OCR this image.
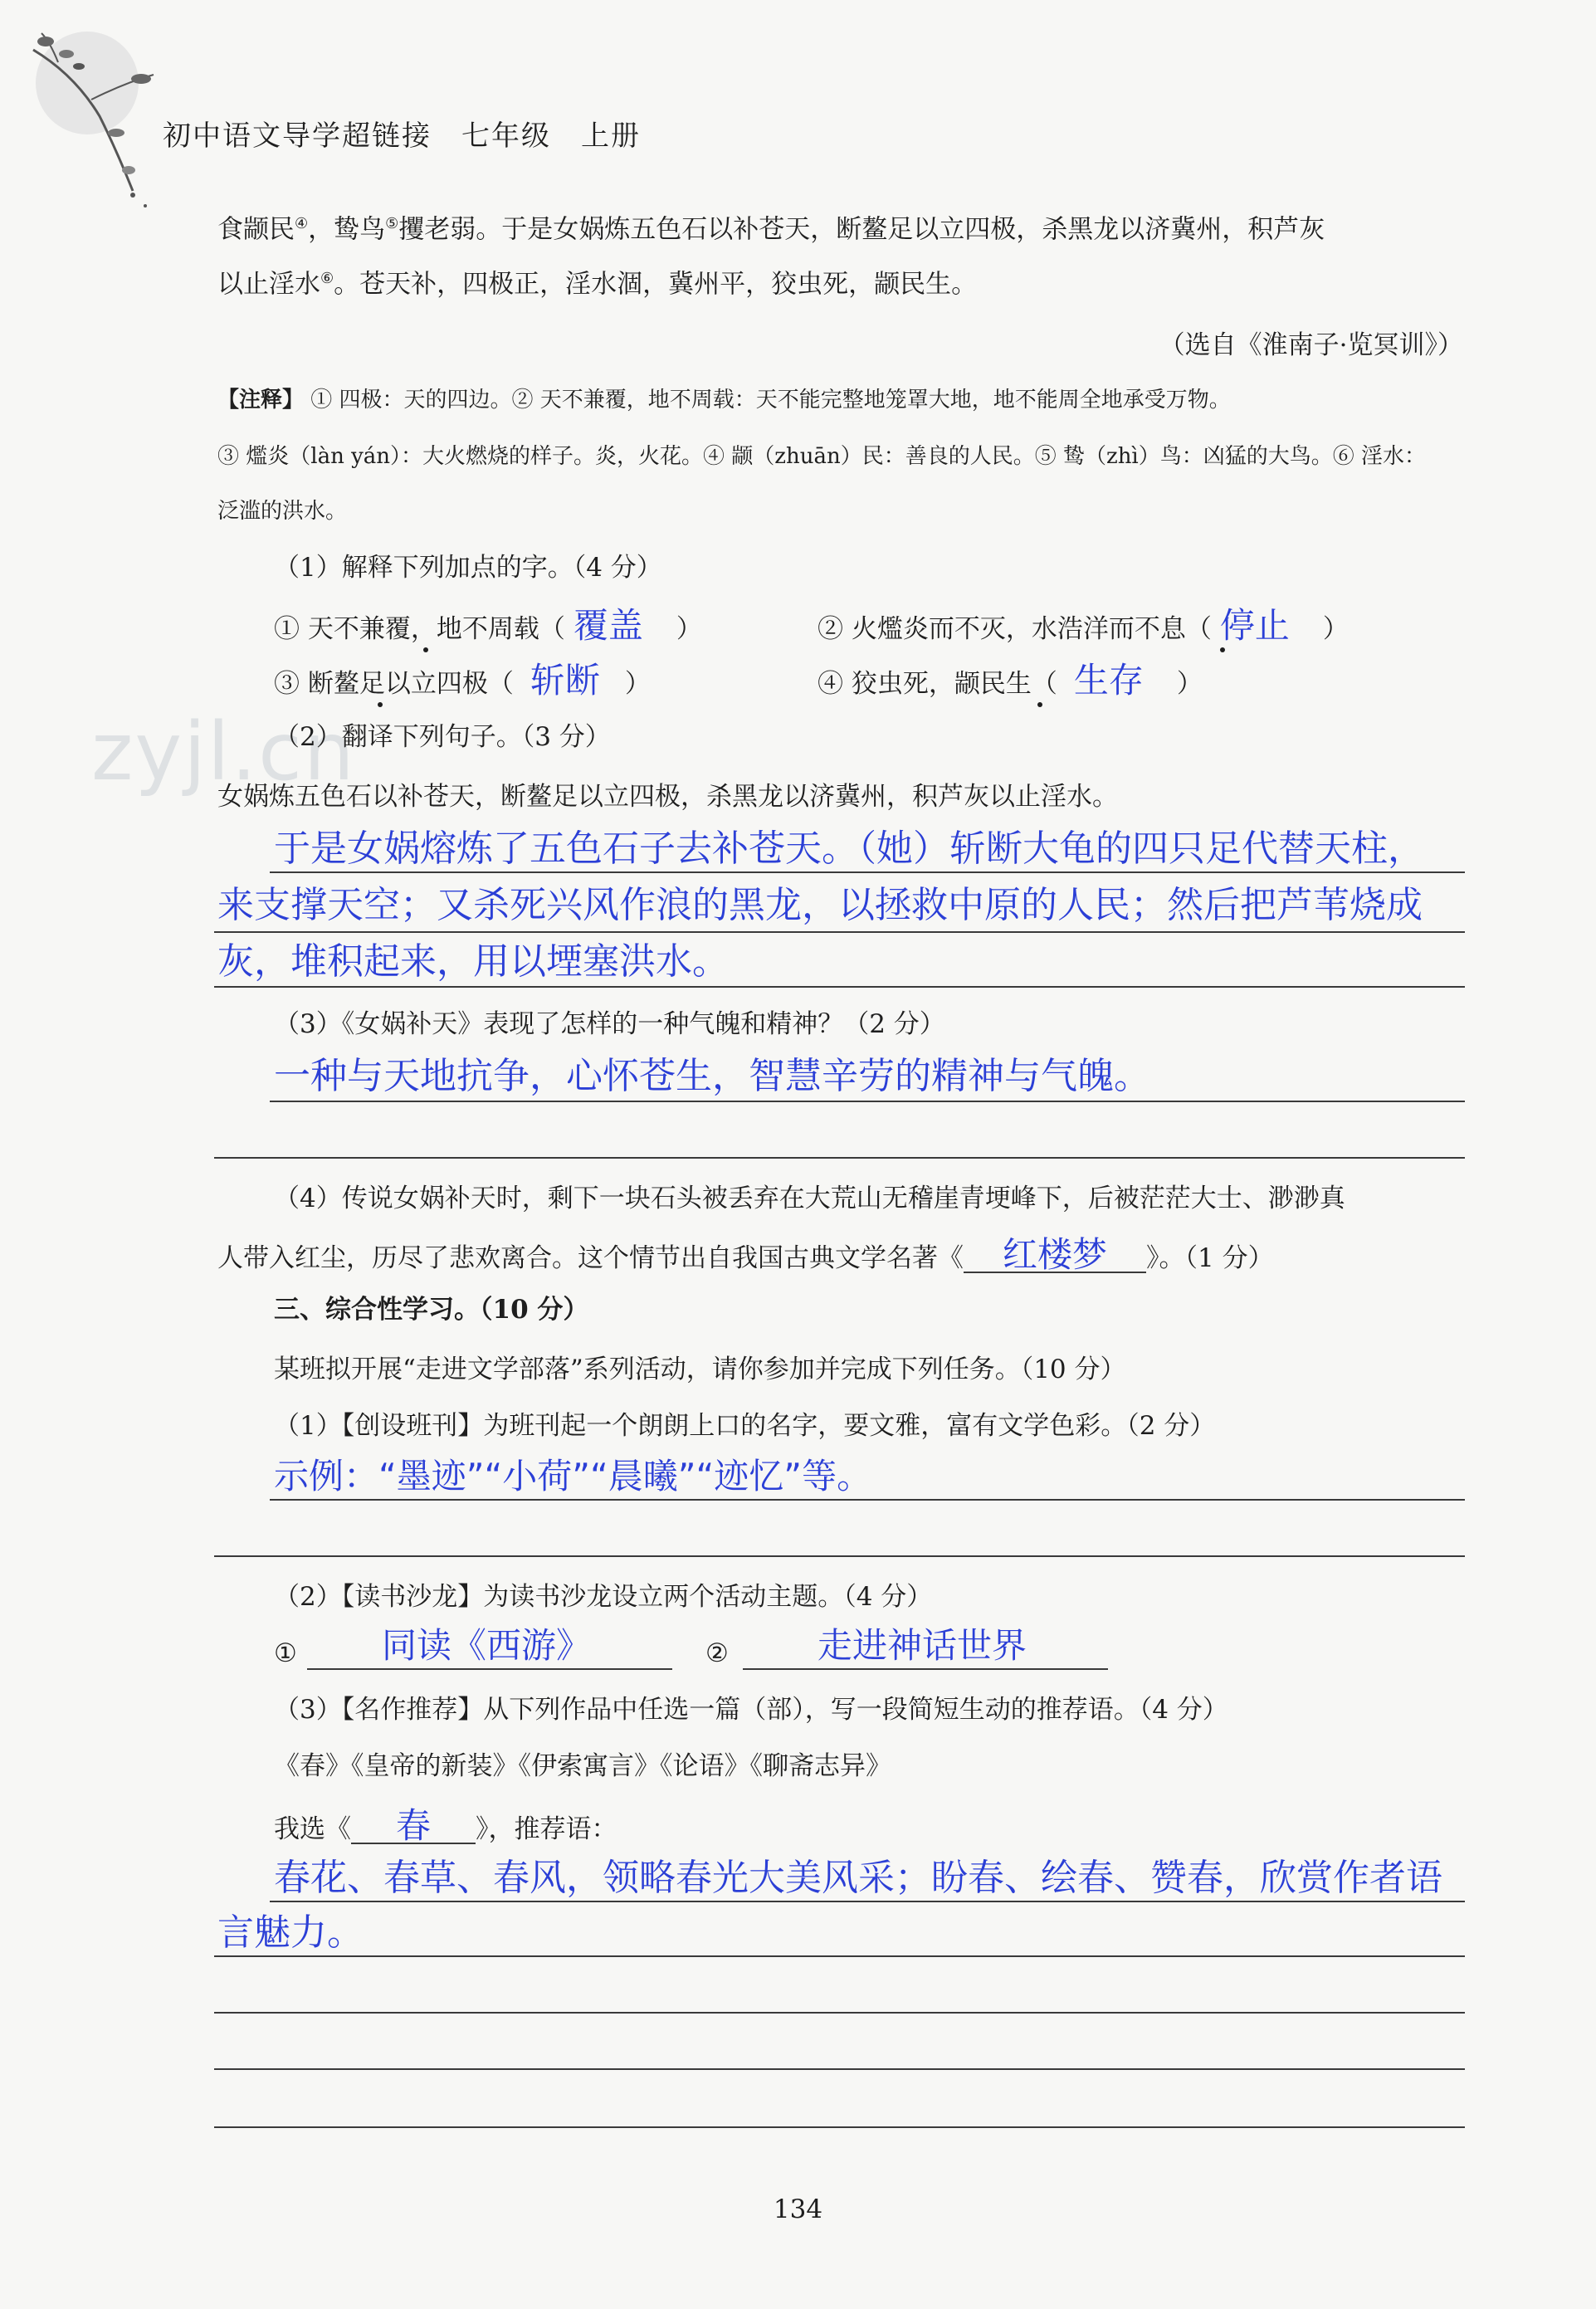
初中语文导学超链接　七年级　上册
食颛民④，鸷鸟⑤攫老弱。于是女娲炼五色石以补苍天，断鳌足以立四极，杀黑龙以济冀州，积芦灰
以止淫水⑥。苍天补，四极正，淫水涸，冀州平，狡虫死，颛民生。
（选自《淮南子·览冥训》）
【注释】 ① 四极：天的四边。② 天不兼覆，地不周载：天不能完整地笼罩大地，地不能周全地承受万物。
③ 爁炎（làn yán）：大火燃烧的样子。炎，火花。④ 颛（zhuān）民：善良的人民。⑤ 鸷（zhì）鸟：凶猛的大鸟。⑥ 淫水：
泛滥的洪水。
（1）解释下列加点的字。（4 分）
① 天不兼覆，地不周载（ 覆盖 ）	② 火爁炎而不灭，水浩洋而不息（ 停止 ）
③ 断鳌足以立四极（ 斩断 ）	④ 狡虫死，颛民生（ 生存 ）
zyjl.cn
（2）翻译下列句子。（3 分）
女娲炼五色石以补苍天，断鳌足以立四极，杀黑龙以济冀州，积芦灰以止淫水。
于是女娲熔炼了五色石子去补苍天。（她）斩断大龟的四只足代替天柱，
来支撑天空；又杀死兴风作浪的黑龙，以拯救中原的人民；然后把芦苇烧成
灰，堆积起来，用以堙塞洪水。
（3）《女娲补天》表现了怎样的一种气魄和精神？（2 分）
一种与天地抗争，心怀苍生，智慧辛劳的精神与气魄。
（4）传说女娲补天时，剩下一块石头被丢弃在大荒山无稽崖青埂峰下，后被茫茫大士、渺渺真
人带入红尘，历尽了悲欢离合。这个情节出自我国古典文学名著《 红楼梦 》。（1 分）
三、综合性学习。（10 分）
某班拟开展“走进文学部落”系列活动，请你参加并完成下列任务。（10 分）
（1）【创设班刊】为班刊起一个朗朗上口的名字，要文雅，富有文学色彩。（2 分）
示例：“墨迹”“小荷”“晨曦”“迹忆”等。
（2）【读书沙龙】为读书沙龙设立两个活动主题。（4 分）
① 同读《西游》	②	走进神话世界
（3）【名作推荐】从下列作品中任选一篇（部），写一段简短生动的推荐语。（4 分）
《春》《皇帝的新装》《伊索寓言》《论语》《聊斋志异》
我选《 春 》，推荐语：
春花、春草、春风，领略春光大美风采；盼春、绘春、赞春，欣赏作者语
言魅力。
134
